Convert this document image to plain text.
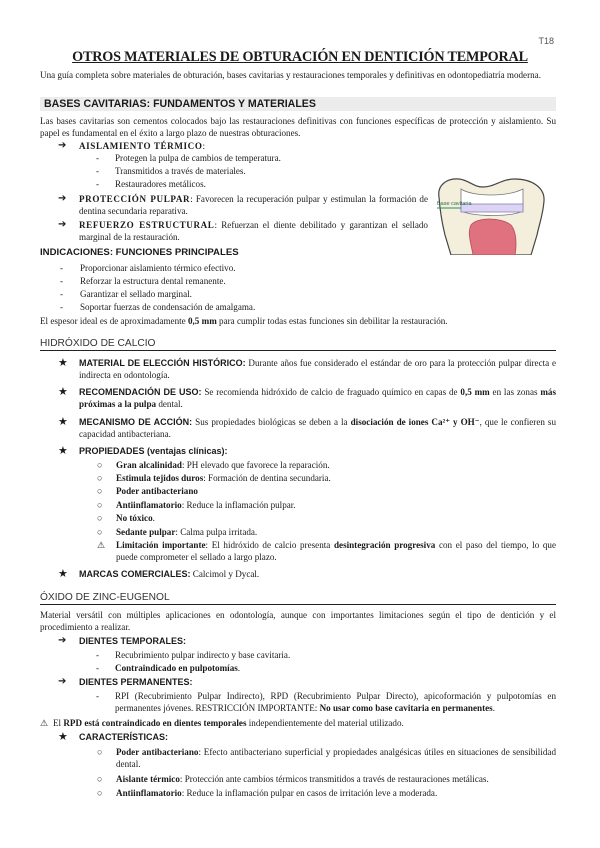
T18
OTROS MATERIALES DE OBTURACIÓN EN DENTICIÓN TEMPORAL
Una guía completa sobre materiales de obturación, bases cavitarias y restauraciones temporales y definitivas en odontopediatría moderna.
BASES CAVITARIAS: FUNDAMENTOS Y MATERIALES
Las bases cavitarias son cementos colocados bajo las restauraciones definitivas con funciones específicas de protección y aislamiento. Su papel es fundamental en el éxito a largo plazo de nuestras obturaciones.
➔ AISLAMIENTO TÉRMICO:
- Protegen la pulpa de cambios de temperatura.
- Transmitidos a través de materiales.
- Restauradores metálicos.
➔ PROTECCIÓN PULPAR: Favorecen la recuperación pulpar y estimulan la formación de dentina secundaria reparativa.
➔ REFUERZO ESTRUCTURAL: Refuerzan el diente debilitado y garantizan el sellado marginal de la restauración.
Base cavitaria
INDICACIONES: FUNCIONES PRINCIPALES
- Proporcionar aislamiento térmico efectivo.
- Reforzar la estructura dental remanente.
- Garantizar el sellado marginal.
- Soportar fuerzas de condensación de amalgama.
El espesor ideal es de aproximadamente 0,5 mm para cumplir todas estas funciones sin debilitar la restauración.
HIDRÓXIDO DE CALCIO
★ MATERIAL DE ELECCIÓN HISTÓRICO: Durante años fue considerado el estándar de oro para la protección pulpar directa e indirecta en odontología.
★ RECOMENDACIÓN DE USO: Se recomienda hidróxido de calcio de fraguado químico en capas de 0,5 mm en las zonas más próximas a la pulpa dental.
★ MECANISMO DE ACCIÓN: Sus propiedades biológicas se deben a la disociación de iones Ca²⁺ y OH⁻, que le confieren su capacidad antibacteriana.
★ PROPIEDADES (ventajas clínicas):
○ Gran alcalinidad: PH elevado que favorece la reparación.
○ Estimula tejidos duros: Formación de dentina secundaria.
○ Poder antibacteriano
○ Antiinflamatorio: Reduce la inflamación pulpar.
○ No tóxico.
○ Sedante pulpar: Calma pulpa irritada.
⚠ Limitación importante: El hidróxido de calcio presenta desintegración progresiva con el paso del tiempo, lo que puede comprometer el sellado a largo plazo.
★ MARCAS COMERCIALES: Calcimol y Dycal.
ÓXIDO DE ZINC-EUGENOL
Material versátil con múltiples aplicaciones en odontología, aunque con importantes limitaciones según el tipo de dentición y el procedimiento a realizar.
➔ DIENTES TEMPORALES:
- Recubrimiento pulpar indirecto y base cavitaria.
- Contraindicado en pulpotomías.
➔ DIENTES PERMANENTES:
- RPI (Recubrimiento Pulpar Indirecto), RPD (Recubrimiento Pulpar Directo), apicoformación y pulpotomías en permanentes jóvenes. RESTRICCIÓN IMPORTANTE: No usar como base cavitaria en permanentes.
⚠ El RPD está contraindicado en dientes temporales independientemente del material utilizado.
★ CARACTERÍSTICAS:
○ Poder antibacteriano: Efecto antibacteriano superficial y propiedades analgésicas útiles en situaciones de sensibilidad dental.
○ Aislante térmico: Protección ante cambios térmicos transmitidos a través de restauraciones metálicas.
○ Antiinflamatorio: Reduce la inflamación pulpar en casos de irritación leve a moderada.
